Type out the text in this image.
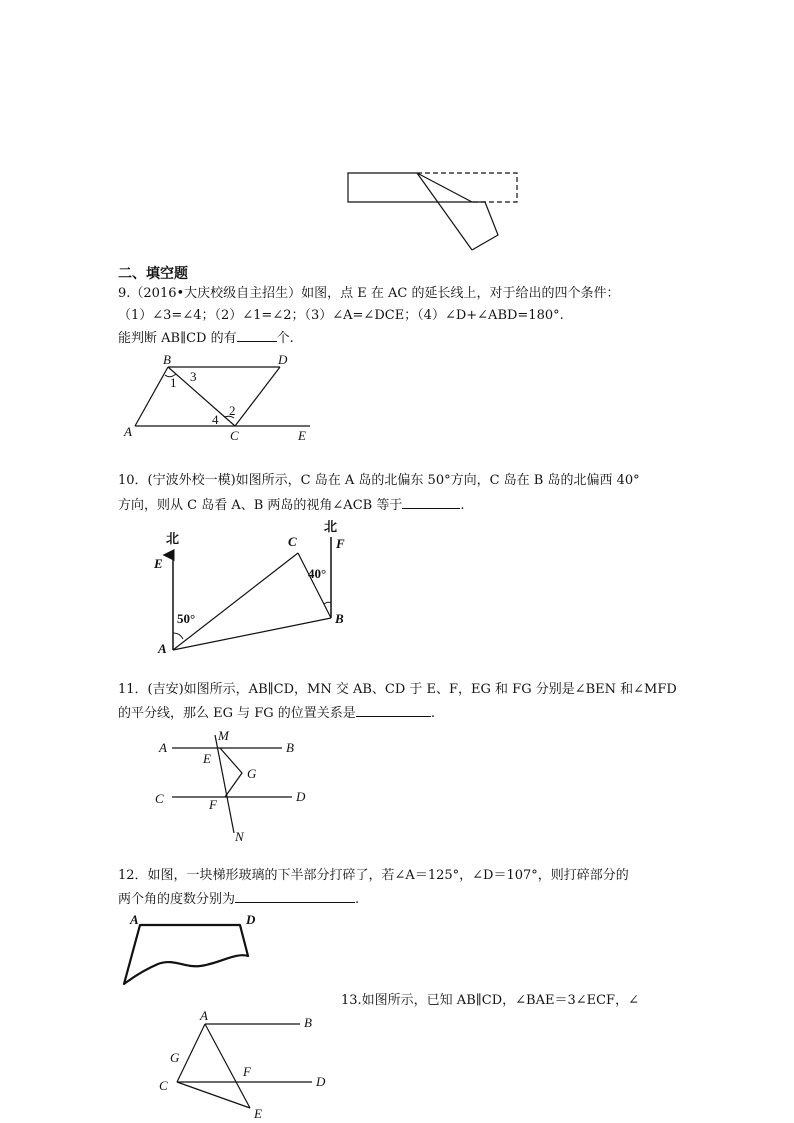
二、填空题
9.（2016•大庆校级自主招生）如图，点 E 在 AC 的延长线上，对于给出的四个条件：
（1）∠3=∠4；（2）∠1=∠2；（3）∠A=∠DCE；（4）∠D+∠ABD=180°.
能判断 AB∥CD 的有	个.
B	D
1 3
2
4
A	C	E
10．(宁波外校一模)如图所示，C 岛在 A 岛的北偏东 50°方向，C 岛在 B 岛的北偏西 40°
方向，则从 C 岛看 A、B 两岛的视角∠ACB 等于	.
北
北
E
F
C
40°
50°	B
A
11．(吉安)如图所示，AB∥CD，MN 交 AB、CD 于 E、F，EG 和 FG 分别是∠BEN 和∠MFD
的平分线，那么 EG 与 FG 的位置关系是	.
A
M
B
E
G
C	F
D
N
12．如图，一块梯形玻璃的下半部分打碎了，若∠A＝125°，∠D＝107°，则打碎部分的
两个角的度数分别为	.
A	D
13.如图所示，已知 AB∥CD，∠BAE＝3∠ECF，∠
A	B
G
C
F
D
E
